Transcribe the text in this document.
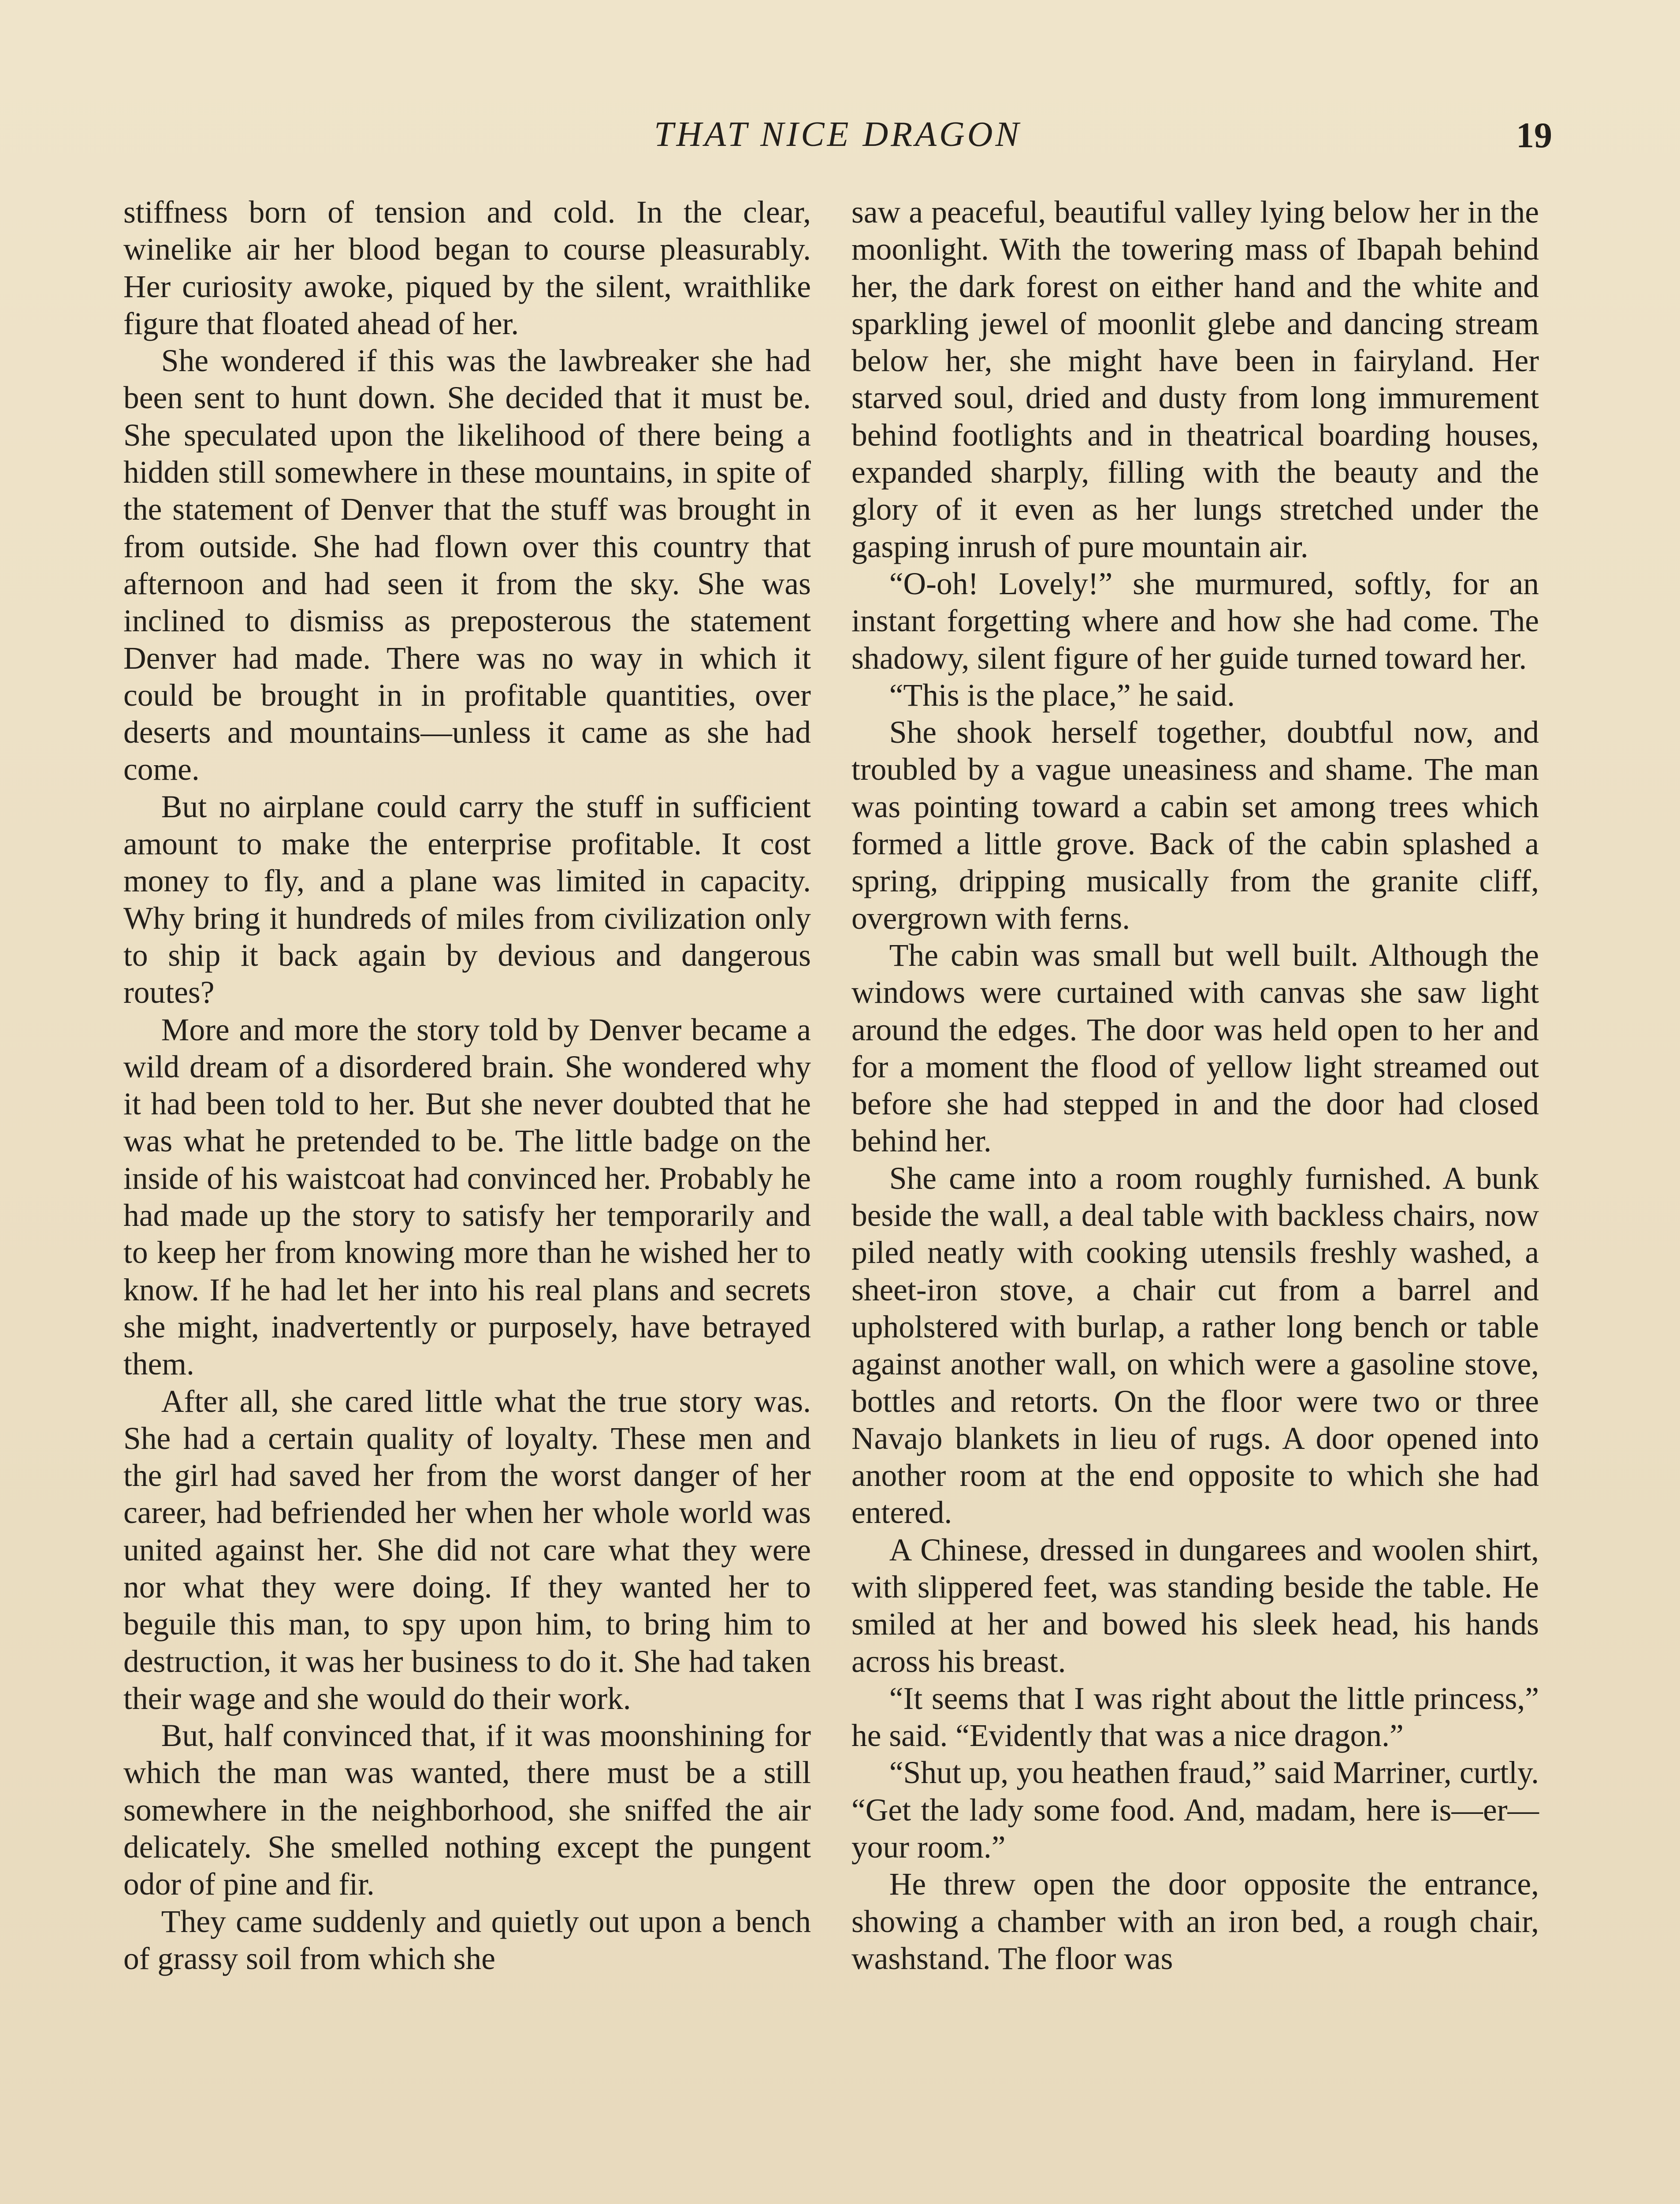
THAT NICE DRAGON	19

stiffness born of tension and cold. In the clear, winelike air her blood began to course pleasurably. Her curiosity awoke, piqued by the silent, wraithlike figure that floated ahead of her.

She wondered if this was the lawbreaker she had been sent to hunt down. She decided that it must be. She speculated upon the likelihood of there being a hidden still somewhere in these mountains, in spite of the statement of Denver that the stuff was brought in from outside. She had flown over this country that afternoon and had seen it from the sky. She was inclined to dismiss as preposterous the statement Denver had made. There was no way in which it could be brought in in profitable quantities, over deserts and mountains—unless it came as she had come.

But no airplane could carry the stuff in sufficient amount to make the enterprise profitable. It cost money to fly, and a plane was limited in capacity. Why bring it hundreds of miles from civilization only to ship it back again by devious and dangerous routes?

More and more the story told by Denver became a wild dream of a disordered brain. She wondered why it had been told to her. But she never doubted that he was what he pretended to be. The little badge on the inside of his waistcoat had convinced her. Probably he had made up the story to satisfy her temporarily and to keep her from knowing more than he wished her to know. If he had let her into his real plans and secrets she might, inadvertently or purposely, have betrayed them.

After all, she cared little what the true story was. She had a certain quality of loyalty. These men and the girl had saved her from the worst danger of her career, had befriended her when her whole world was united against her. She did not care what they were nor what they were doing. If they wanted her to beguile this man, to spy upon him, to bring him to destruction, it was her business to do it. She had taken their wage and she would do their work.

But, half convinced that, if it was moonshining for which the man was wanted, there must be a still somewhere in the neighborhood, she sniffed the air delicately. She smelled nothing except the pungent odor of pine and fir.

They came suddenly and quietly out upon a bench of grassy soil from which she

saw a peaceful, beautiful valley lying below her in the moonlight. With the towering mass of Ibapah behind her, the dark forest on either hand and the white and sparkling jewel of moonlit glebe and dancing stream below her, she might have been in fairyland. Her starved soul, dried and dusty from long immurement behind footlights and in theatrical boarding houses, expanded sharply, filling with the beauty and the glory of it even as her lungs stretched under the gasping inrush of pure mountain air.

“O-oh! Lovely!” she murmured, softly, for an instant forgetting where and how she had come. The shadowy, silent figure of her guide turned toward her.

“This is the place,” he said.

She shook herself together, doubtful now, and troubled by a vague uneasiness and shame. The man was pointing toward a cabin set among trees which formed a little grove. Back of the cabin splashed a spring, dripping musically from the granite cliff, overgrown with ferns.

The cabin was small but well built. Although the windows were curtained with canvas she saw light around the edges. The door was held open to her and for a moment the flood of yellow light streamed out before she had stepped in and the door had closed behind her.

She came into a room roughly furnished. A bunk beside the wall, a deal table with backless chairs, now piled neatly with cooking utensils freshly washed, a sheet-iron stove, a chair cut from a barrel and upholstered with burlap, a rather long bench or table against another wall, on which were a gasoline stove, bottles and retorts. On the floor were two or three Navajo blankets in lieu of rugs. A door opened into another room at the end opposite to which she had entered.

A Chinese, dressed in dungarees and woolen shirt, with slippered feet, was standing beside the table. He smiled at her and bowed his sleek head, his hands across his breast.

“It seems that I was right about the little princess,” he said. “Evidently that was a nice dragon.”

“Shut up, you heathen fraud,” said Marriner, curtly. “Get the lady some food. And, madam, here is—er—your room.”

He threw open the door opposite the entrance, showing a chamber with an iron bed, a rough chair, washstand. The floor was
